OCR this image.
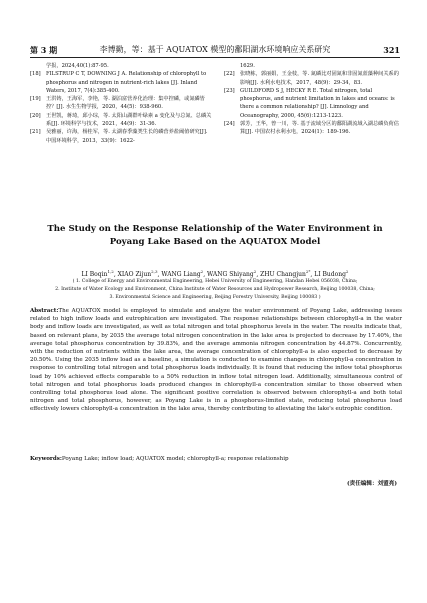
第 3 期	李博勤，等：基于 AQUATOX 模型的鄱阳湖水环境响应关系研究	321
学报，2024,40(1):87-95.
[18]	FILSTRUP C T, DOWNING J A. Relationship of chlorophyll to phosphorus and nitrogen in nutrient-rich lakes [J]. Inland Waters, 2017, 7(4):385-400.
[19]	王洪铸，王海军，李艳，等. 湖泊富营养化治理：集中控磷，或氮磷皆控？[J]. 水生生物学报，2020，44(5)：938-960.
[20]	王世凯，蒋琦，邱小琮，等. 太阳山湖群叶绿素 a 变化及与总氮、总磷关系[J]. 环境科学与技术，2021，44(9)：31-36.
[21]	吴雅丽，许海，杨桂军，等. 太湖春季藻类生长的磷营养盐阈值研究[J]. 中国环境科学，2013，33(9)：1622-
1629.
[22]	张晓栋，郭丽娟，王金枝，等. 氮磷比对固氮和非固氮蓝藻种间关系的影响[J]. 水利水电技术，2017，48(9)：29-34，83.
[23]	GUILDFORD S J, HECKY R E. Total nitrogen, total phosphorus, and nutrient limitation in lakes and oceans: is there a common relationship? [J]. Limnology and Oceanography, 2000, 45(6):1213-1223.
[24]	郭芳，王华，曾一川，等. 基于流域分区的鄱阳湖流域入湖总磷负荷估算[J]. 中国农村水利水电，2024(1)：189-196.
The Study on the Response Relationship of the Water Environment in
Poyang Lake Based on the AQUATOX Model
LI Boqin$^{1,2}$, XIAO Zijun$^{2,3}$, WANG Liang$^2$, WANG Shiyang$^2$, ZHU Changjun$^{2*}$, LI Budong$^2$
( 1. College of Energy and Environmental Engineering, Hebei University of Engineering, Handan Hebei 056038, China;
2. Institute of Water Ecology and Environment, China Institute of Water Resources and Hydropower Research, Beijing 100038, China;
3. Environmental Science and Engineering, Beijing Forestry University, Beijing 100083 )
Abstract:The AQUATOX model is employed to simulate and analyze the water environment of Poyang Lake, addressing issues related to high inflow loads and eutrophication are investigated. The response relationships between chlorophyll-a in the water body and inflow loads are investigated, as well as total nitrogen and total phosphorus levels in the water. The results indicate that, based on relevant plans, by 2035 the average total nitrogen concentration in the lake area is projected to decrease by 17.40%, the average total phosphorus concentration by 39.83%, and the average ammonia nitrogen concentration by 44.87%. Concurrently, with the reduction of nutrients within the lake area, the average concentration of chlorophyll-a is also expected to decrease by 20.50%. Using the 2035 inflow load as a baseline, a simulation is conducted to examine changes in chlorophyll-a concentration in response to controlling total nitrogen and total phosphorus loads individually. It is found that reducing the inflow total phosphorus load by 10% achieved effects comparable to a 50% reduction in inflow total nitrogen load. Additionally, simultaneous control of total nitrogen and total phosphorus loads produced changes in chlorophyll-a concentration similar to those observed when controlling total phosphorus load alone. The significant positive correlation is observed between chlorophyll-a and both total nitrogen and total phosphorus, however, as Poyang Lake is in a phosphorus-limited state, reducing total phosphorus load effectively lowers chlorophyll-a concentration in the lake area, thereby contributing to alleviating the lake's eutrophic condition.
Keywords:Poyang Lake; inflow load; AQUATOX model; chlorophyll-a; response relationship
(责任编辑：刘盟亮)
